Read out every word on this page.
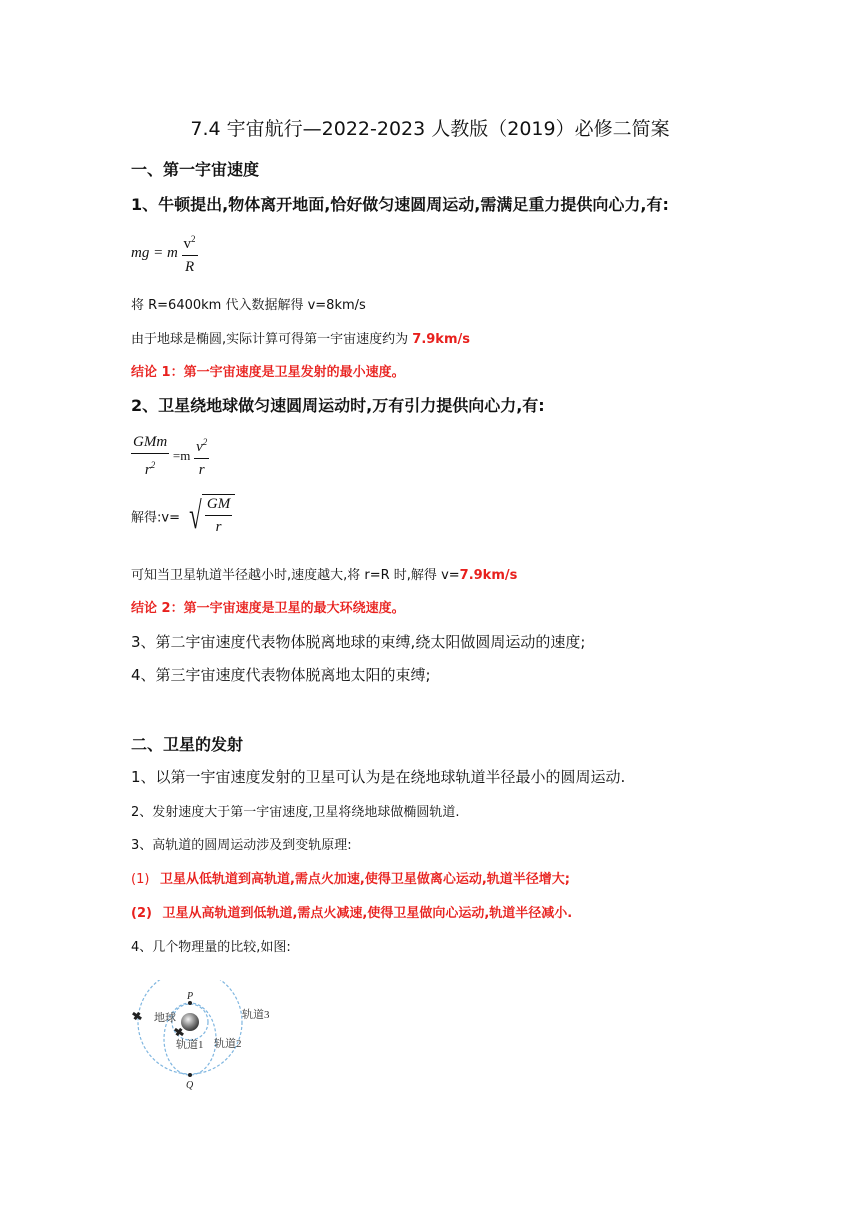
7.4 宇宙航行—2022-2023 人教版（2019）必修二简案
一、第一宇宙速度
1、牛顿提出,物体离开地面,恰好做匀速圆周运动,需满足重力提供向心力,有:
mg = m $\frac{v^2}{R}$
将 R=6400km 代入数据解得 v=8km/s
由于地球是椭圆,实际计算可得第一宇宙速度约为 7.9km/s
结论 1：第一宇宙速度是卫星发射的最小速度。
2、卫星绕地球做匀速圆周运动时,万有引力提供向心力,有:
$\frac{\text{GMm}}{r^2} =m \frac{v^2}{r}$
解得:v= √ $\frac{GM}{r}$
可知当卫星轨道半径越小时,速度越大,将 r=R 时,解得 v=7.9km/s
结论 2：第一宇宙速度是卫星的最大环绕速度。
3、第二宇宙速度代表物体脱离地球的束缚,绕太阳做圆周运动的速度;
4、第三宇宙速度代表物体脱离地太阳的束缚;
二、卫星的发射
1、以第一宇宙速度发射的卫星可认为是在绕地球轨道半径最小的圆周运动.
2、发射速度大于第一宇宙速度,卫星将绕地球做椭圆轨道.
3、高轨道的圆周运动涉及到变轨原理:
(1) 卫星从低轨道到高轨道,需点火加速,使得卫星做离心运动,轨道半径增大;
(2) 卫星从高轨道到低轨道,需点火减速,使得卫星做向心运动,轨道半径减小.
4、几个物理量的比较,如图:
P
Q
地球
轨道1 轨道2
轨道3
